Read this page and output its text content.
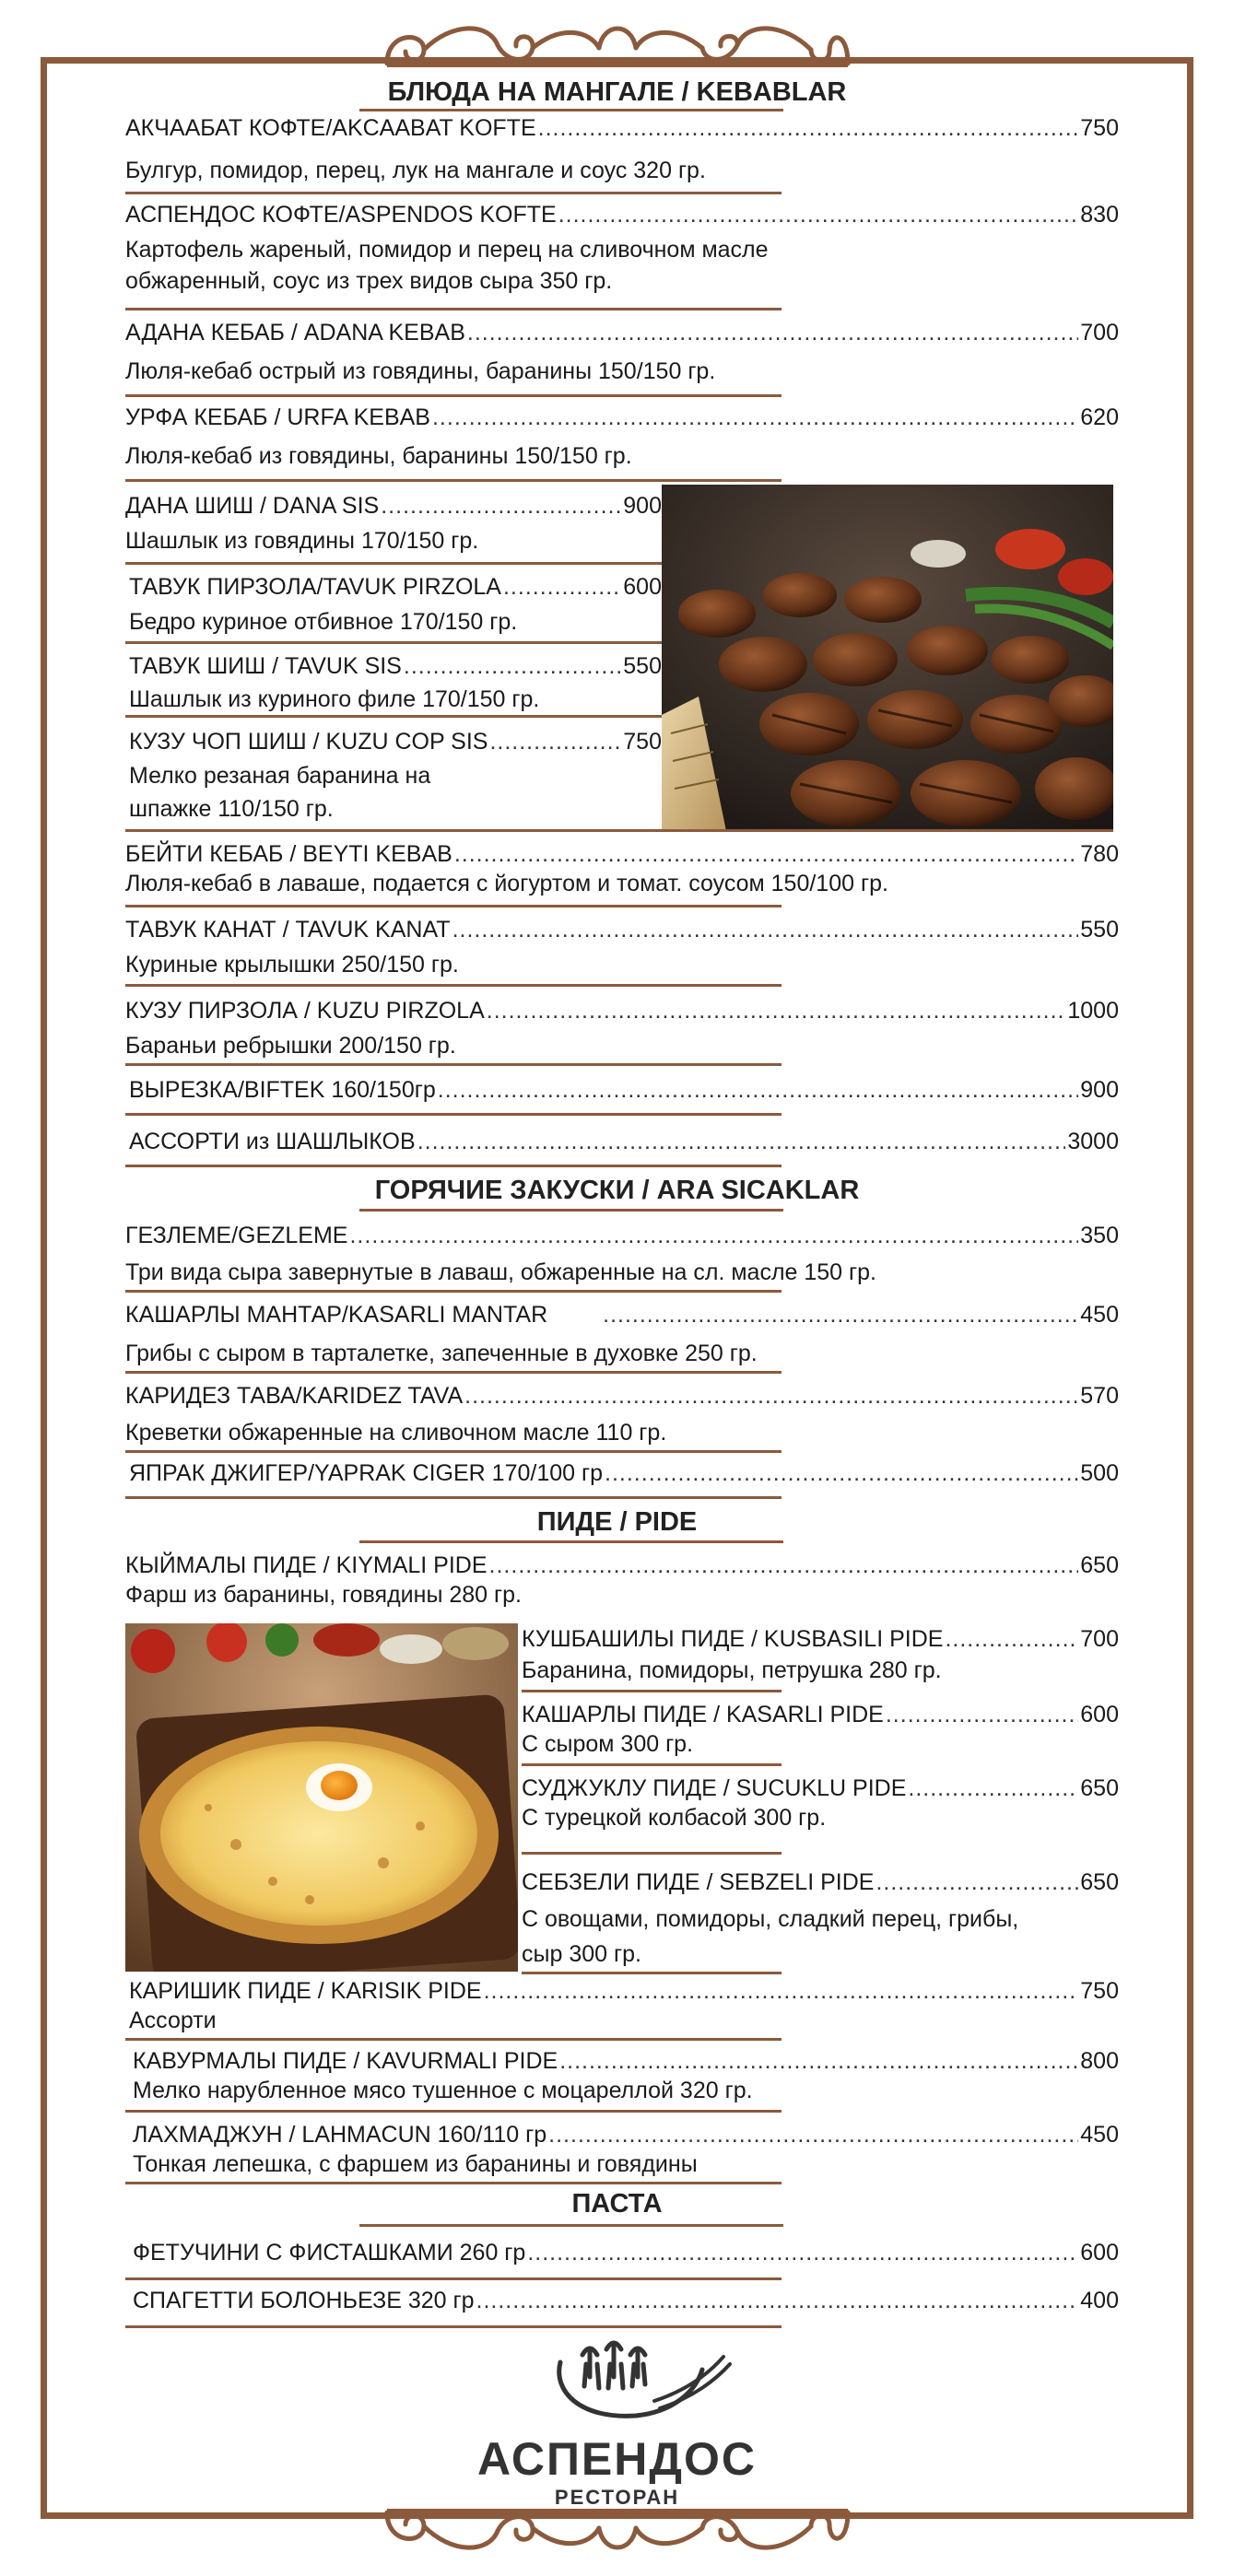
БЛЮДА НА МАНГАЛЕ / KEBABLAR
АКЧААБАТ КОФТЕ/AKCAABAT KOFTE .....	750
Булгур, помидор, перец, лук на мангале и соус 320 гр.
АСПЕНДОС КОФТЕ/ASPENDOS KOFTE .....	830
Картофель жареный, помидор и перец на сливочном масле обжаренный, соус из трех видов сыра 350 гр.
АДАНА КЕБАБ / ADANA KEBAB .....	700
Люля-кебаб острый из говядины, баранины 150/150 гр.
УРФА КЕБАБ / URFA KEBAB .....	620
Люля-кебаб из говядины, баранины 150/150 гр.
ДАНА ШИШ / DANA SIS .....	900
Шашлык из говядины 170/150 гр.
ТАВУК ПИРЗОЛА/TAVUK PIRZOLA .....	600
Бедро куриное отбивное 170/150 гр.
ТАВУК ШИШ / TAVUK SIS .....	550
Шашлык из куриного филе 170/150 гр.
КУЗУ ЧОП ШИШ / KUZU COP SIS .....	750
Мелко резаная баранина на шпажке 110/150 гр.
БЕЙТИ КЕБАБ / BEYTI KEBAB .....	780
Люля-кебаб в лаваше, подается с йогуртом и томат. соусом 150/100 гр.
ТАВУК КАНАТ / TAVUK KANAT .....	550
Куриные крылышки 250/150 гр.
КУЗУ ПИРЗОЛА / KUZU PIRZOLA .....	1000
Бараньи ребрышки 200/150 гр.
ВЫРЕЗКА/BIFTEK 160/150гр .....	900
АССОРТИ из ШАШЛЫКОВ .....	3000
ГОРЯЧИЕ ЗАКУСКИ / ARA SICAKLAR
ГЕЗЛЕМЕ/GEZLEME .....	350
Три вида сыра завернутые в лаваш, обжаренные на сл. масле 150 гр.
КАШАРЛЫ МАНТАР/KASARLI MANTAR .....	450
Грибы с сыром в тарталетке, запеченные в духовке 250 гр.
КАРИДЕЗ ТАВА/KARIDEZ TAVA .....	570
Креветки обжаренные на сливочном масле 110 гр.
ЯПРАК ДЖИГЕР/YAPRAK CIGER 170/100 гр .....	500
ПИДЕ / PIDE
КЫЙМАЛЫ ПИДЕ / KIYMALI PIDE .....	650
Фарш из баранины, говядины 280 гр.
КУШБАШИЛЫ ПИДЕ / KUSBASILI PIDE .....	700
Баранина, помидоры, петрушка 280 гр.
КАШАРЛЫ ПИДЕ / KASARLI PIDE .....	600
С сыром 300 гр.
СУДЖУКЛУ ПИДЕ / SUCUKLU PIDE .....	650
С турецкой колбасой 300 гр.
СЕБЗЕЛИ ПИДЕ / SEBZELI PIDE .....	650
С овощами, помидоры, сладкий перец, грибы, сыр 300 гр.
КАРИШИК ПИДЕ / KARISIK PIDE .....	750
Ассорти
КАВУРМАЛЫ ПИДЕ / KAVURMALI PIDE .....	800
Мелко нарубленное мясо тушенное с моцареллой 320 гр.
ЛАХМАДЖУН / LAHMACUN 160/110 гр .....	450
Тонкая лепешка, с фаршем из баранины и говядины
ПАСТА
ФЕТУЧИНИ С ФИСТАШКАМИ 260 гр .....	600
СПАГЕТТИ БОЛОНЬЕЗЕ 320 гр .....	400
АСПЕНДОС
РЕСТОРАН
